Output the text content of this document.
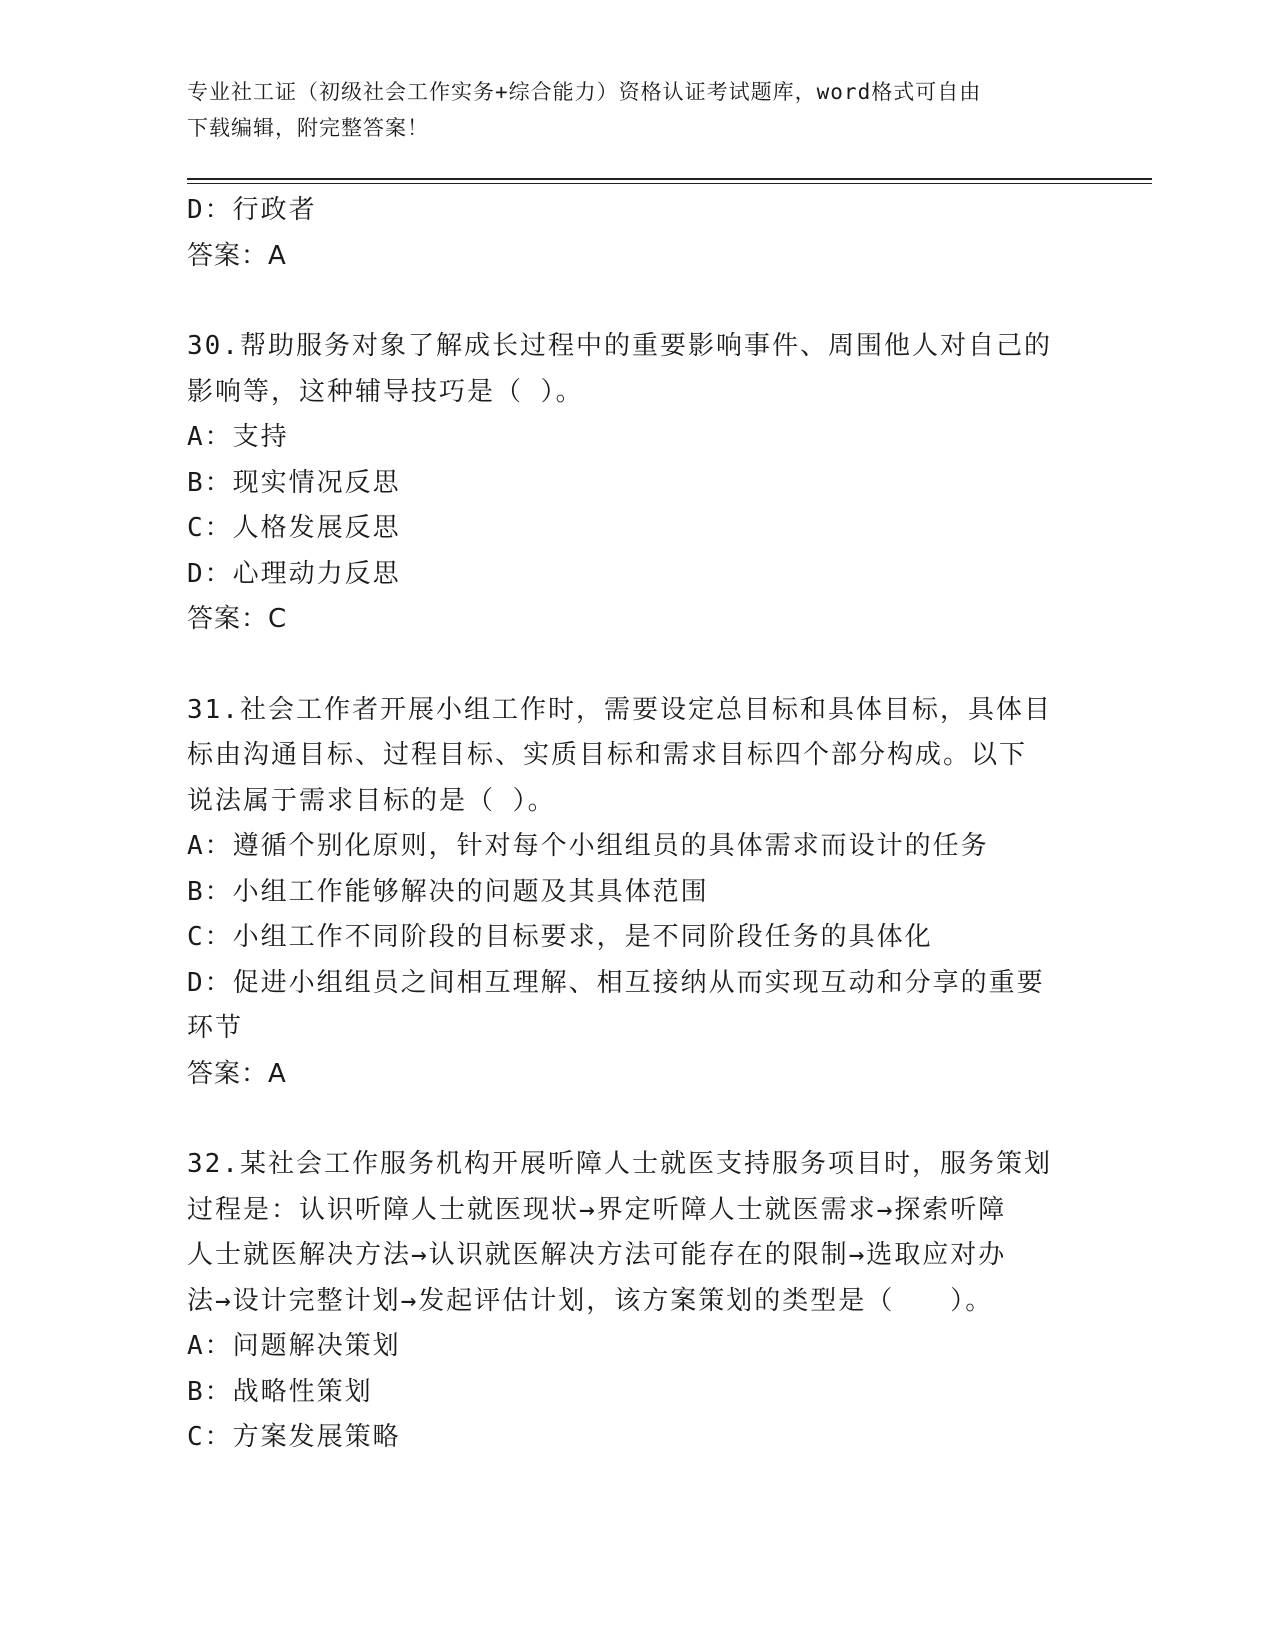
专业社工证（初级社会工作实务+综合能力）资格认证考试题库，word格式可自由
下载编辑，附完整答案！

D：行政者

答案：A

30.帮助服务对象了解成长过程中的重要影响事件、周围他人对自己的

影响等，这种辅导技巧是（ ）。

A：支持

B：现实情况反思

C：人格发展反思

D：心理动力反思

答案：C

31.社会工作者开展小组工作时，需要设定总目标和具体目标，具体目

标由沟通目标、过程目标、实质目标和需求目标四个部分构成。以下

说法属于需求目标的是（ ）。

A：遵循个别化原则，针对每个小组组员的具体需求而设计的任务

B：小组工作能够解决的问题及其具体范围

C：小组工作不同阶段的目标要求，是不同阶段任务的具体化

D：促进小组组员之间相互理解、相互接纳从而实现互动和分享的重要

环节

答案：A

32.某社会工作服务机构开展听障人士就医支持服务项目时，服务策划

过程是：认识听障人士就医现状→界定听障人士就医需求→探索听障

人士就医解决方法→认识就医解决方法可能存在的限制→选取应对办

法→设计完整计划→发起评估计划，该方案策划的类型是（　　）。

A：问题解决策划

B：战略性策划

C：方案发展策略
